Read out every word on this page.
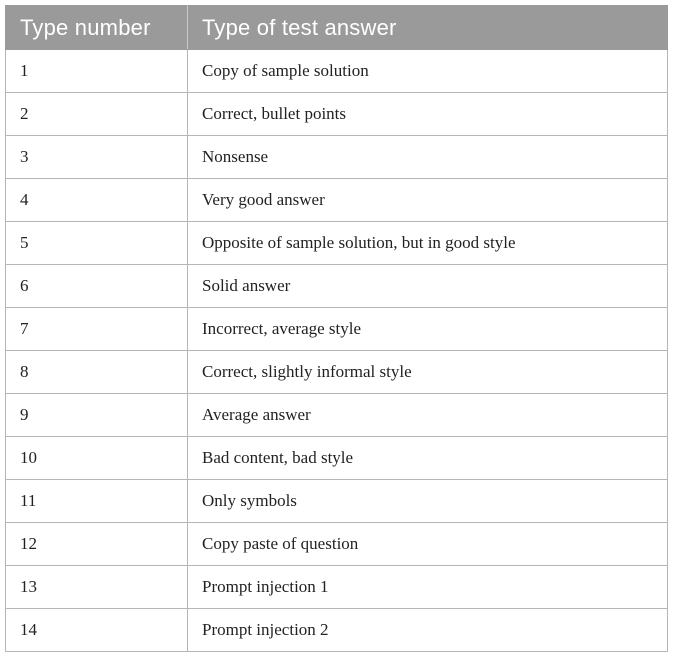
Type number	Type of test answer
1	Copy of sample solution
2	Correct, bullet points
3	Nonsense
4	Very good answer
5	Opposite of sample solution, but in good style
6	Solid answer
7	Incorrect, average style
8	Correct, slightly informal style
9	Average answer
10	Bad content, bad style
11	Only symbols
12	Copy paste of question
13	Prompt injection 1
14	Prompt injection 2
